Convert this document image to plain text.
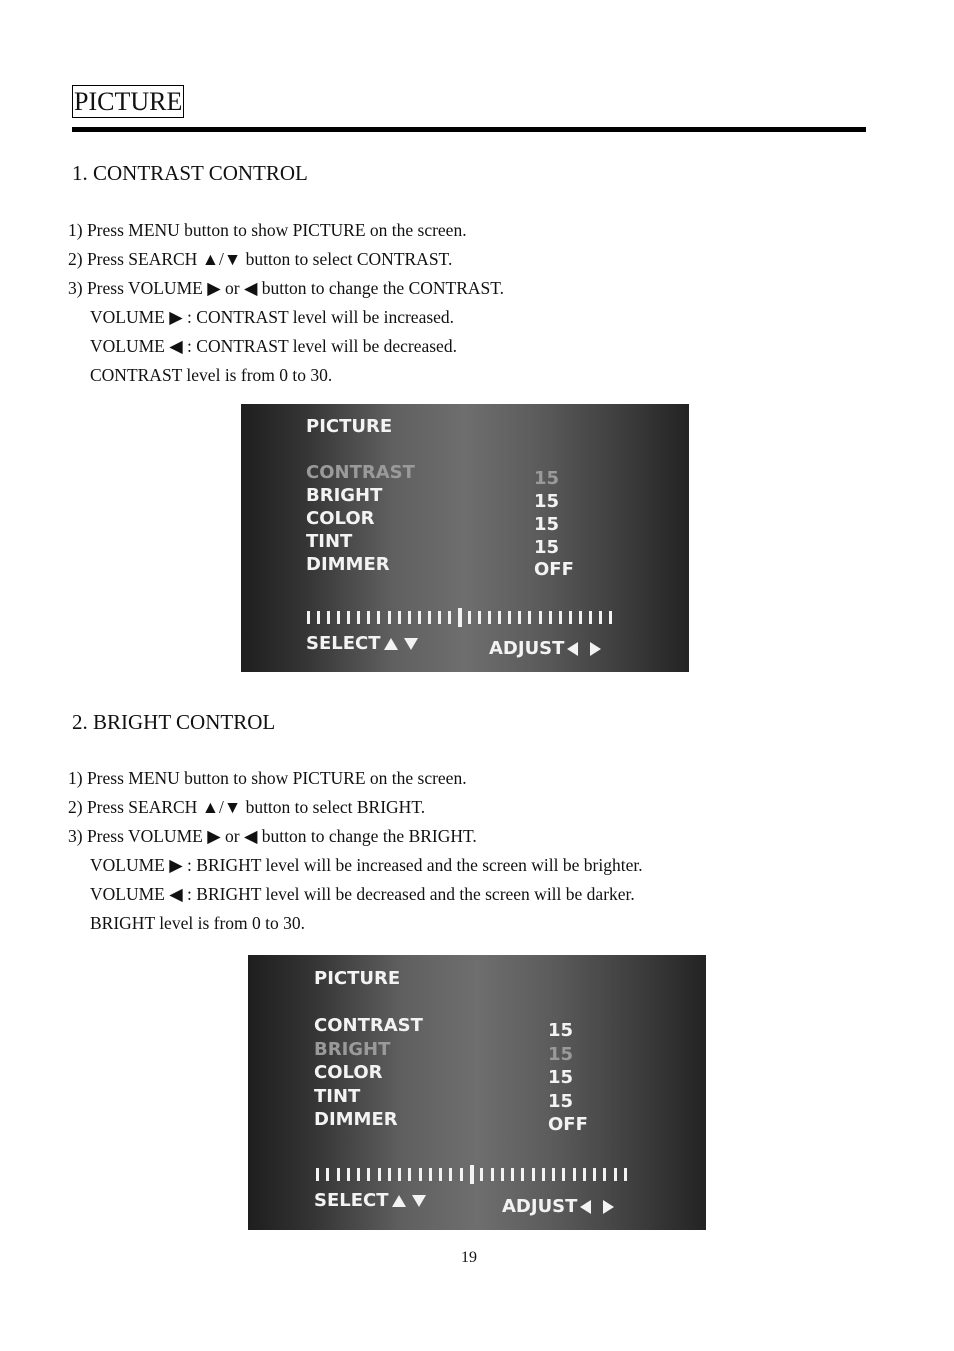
PICTURE
1. CONTRAST CONTROL
1) Press MENU button to show PICTURE on the screen.
2) Press SEARCH ▲/▼ button to select CONTRAST.
3) Press VOLUME ▶ or ◀ button to change the CONTRAST.
VOLUME ▶ : CONTRAST level will be increased.
VOLUME ◀ : CONTRAST level will be decreased.
CONTRAST level is from 0 to 30.
PICTURE
CONTRAST
BRIGHT
COLOR
TINT
DIMMER
15
15
15
15
OFF
SELECT	ADJUST
2. BRIGHT CONTROL
1) Press MENU button to show PICTURE on the screen.
2) Press SEARCH ▲/▼ button to select BRIGHT.
3) Press VOLUME ▶ or ◀ button to change the BRIGHT.
VOLUME ▶ : BRIGHT level will be increased and the screen will be brighter.
VOLUME ◀ : BRIGHT level will be decreased and the screen will be darker.
BRIGHT level is from 0 to 30.
PICTURE
CONTRAST
BRIGHT
COLOR
TINT
DIMMER
15
15
15
15
OFF
SELECT	ADJUST
19
